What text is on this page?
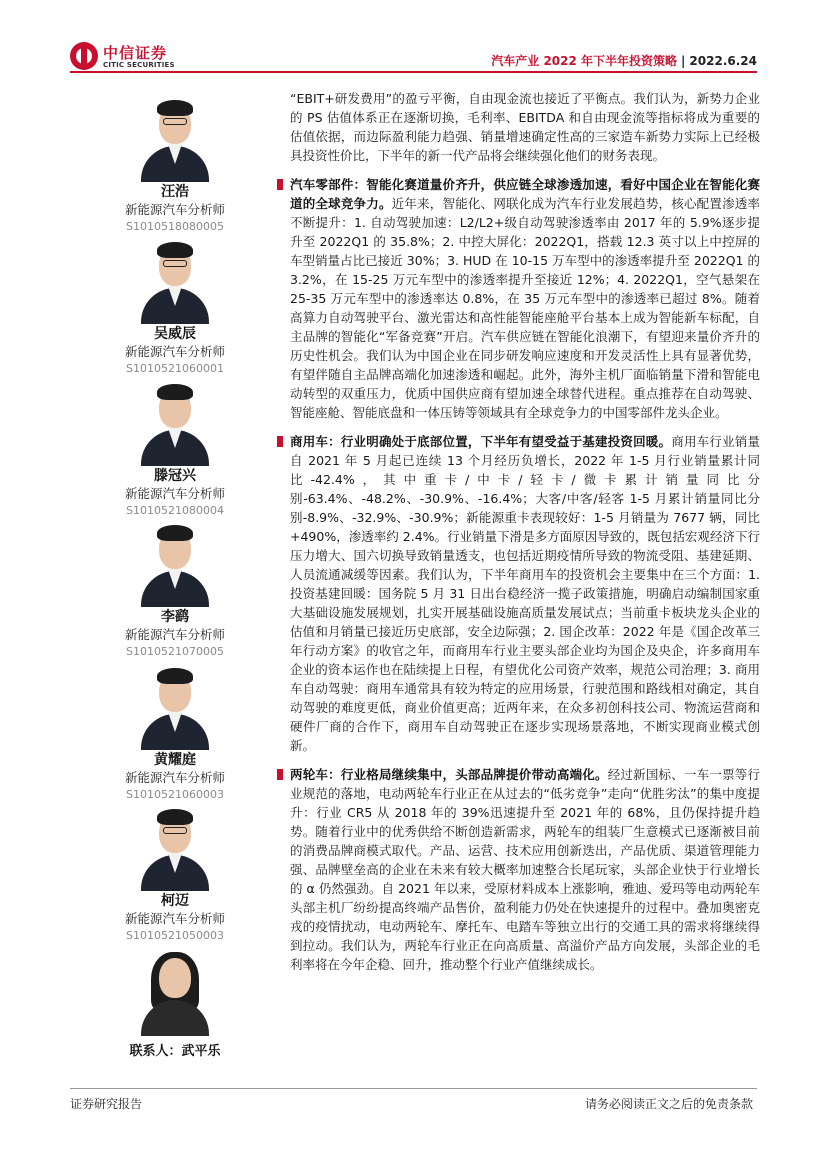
中信证券
CITIC SECURITIES	汽车产业 2022 年下半年投资策略 | 2022.6.24
汪浩
新能源汽车分析师
S1010518080005
吴威辰
新能源汽车分析师
S1010521060001
滕冠兴
新能源汽车分析师
S1010521080004
李鹞
新能源汽车分析师
S1010521070005
黄耀庭
新能源汽车分析师
S1010521060003
柯迈
新能源汽车分析师
S1010521050003
联系人：武平乐

“EBIT+研发费用”的盈亏平衡，自由现金流也接近了平衡点。我们认为，新势力企业的 PS 估值体系正在逐渐切换，毛利率、EBITDA 和自由现金流等指标将成为重要的估值依据，而边际盈利能力趋强、销量增速确定性高的三家造车新势力实际上已经极具投资性价比，下半年的新一代产品将会继续强化他们的财务表现。

汽车零部件：智能化赛道量价齐升，供应链全球渗透加速，看好中国企业在智能化赛道的全球竞争力。近年来，智能化、网联化成为汽车行业发展趋势，核心配置渗透率不断提升：1. 自动驾驶加速：L2/L2+级自动驾驶渗透率由 2017 年的 5.9%逐步提升至 2022Q1 的 35.8%；2. 中控大屏化：2022Q1，搭载 12.3 英寸以上中控屏的车型销量占比已接近 30%；3. HUD 在 10-15 万车型中的渗透率提升至 2022Q1 的 3.2%，在 15-25 万元车型中的渗透率提升至接近 12%；4. 2022Q1，空气悬架在 25-35 万元车型中的渗透率达 0.8%，在 35 万元车型中的渗透率已超过 8%。随着高算力自动驾驶平台、激光雷达和高性能智能座舱平台基本上成为智能新车标配，自主品牌的智能化“军备竞赛”开启。汽车供应链在智能化浪潮下，有望迎来量价齐升的历史性机会。我们认为中国企业在同步研发响应速度和开发灵活性上具有显著优势，有望伴随自主品牌高端化加速渗透和崛起。此外，海外主机厂面临销量下滑和智能电动转型的双重压力，优质中国供应商有望加速全球替代进程。重点推荐在自动驾驶、智能座舱、智能底盘和一体压铸等领域具有全球竞争力的中国零部件龙头企业。

商用车：行业明确处于底部位置，下半年有望受益于基建投资回暖。商用车行业销量自 2021 年 5 月起已连续 13 个月经历负增长，2022 年 1-5 月行业销量累计同比-42.4%，其中重卡/中卡/轻卡/微卡累计销量同比分别-63.4%、-48.2%、-30.9%、-16.4%；大客/中客/轻客 1-5 月累计销量同比分别-8.9%、-32.9%、-30.9%；新能源重卡表现较好：1-5 月销量为 7677 辆，同比+490%，渗透率约 2.4%。行业销量下滑是多方面原因导致的，既包括宏观经济下行压力增大、国六切换导致销量透支，也包括近期疫情所导致的物流受阻、基建延期、人员流通减缓等因素。我们认为，下半年商用车的投资机会主要集中在三个方面：1. 投资基建回暖：国务院 5 月 31 日出台稳经济一揽子政策措施，明确启动编制国家重大基础设施发展规划，扎实开展基础设施高质量发展试点；当前重卡板块龙头企业的估值和月销量已接近历史底部，安全边际强；2. 国企改革：2022 年是《国企改革三年行动方案》的收官之年，而商用车行业主要头部企业均为国企及央企，许多商用车企业的资本运作也在陆续提上日程，有望优化公司资产效率，规范公司治理；3. 商用车自动驾驶：商用车通常具有较为特定的应用场景，行驶范围和路线相对确定，其自动驾驶的难度更低，商业价值更高；近两年来，在众多初创科技公司、物流运营商和硬件厂商的合作下，商用车自动驾驶正在逐步实现场景落地，不断实现商业模式创新。

两轮车：行业格局继续集中，头部品牌提价带动高端化。经过新国标、一车一票等行业规范的落地，电动两轮车行业正在从过去的“低劣竞争”走向“优胜劣汰”的集中度提升：行业 CR5 从 2018 年的 39%迅速提升至 2021 年的 68%，且仍保持提升趋势。随着行业中的优秀供给不断创造新需求，两轮车的组装厂生意模式已逐渐被目前的消费品牌商模式取代。产品、运营、技术应用创新迭出，产品优质、渠道管理能力强、品牌壁垒高的企业在未来有较大概率加速整合长尾玩家，头部企业快于行业增长的 α 仍然强劲。自 2021 年以来，受原材料成本上涨影响，雅迪、爱玛等电动两轮车头部主机厂纷纷提高终端产品售价，盈利能力仍处在快速提升的过程中。叠加奥密克戎的疫情扰动，电动两轮车、摩托车、电踏车等独立出行的交通工具的需求将继续得到拉动。我们认为，两轮车行业正在向高质量、高溢价产品方向发展，头部企业的毛利率将在今年企稳、回升，推动整个行业产值继续成长。

证券研究报告	请务必阅读正文之后的免责条款
